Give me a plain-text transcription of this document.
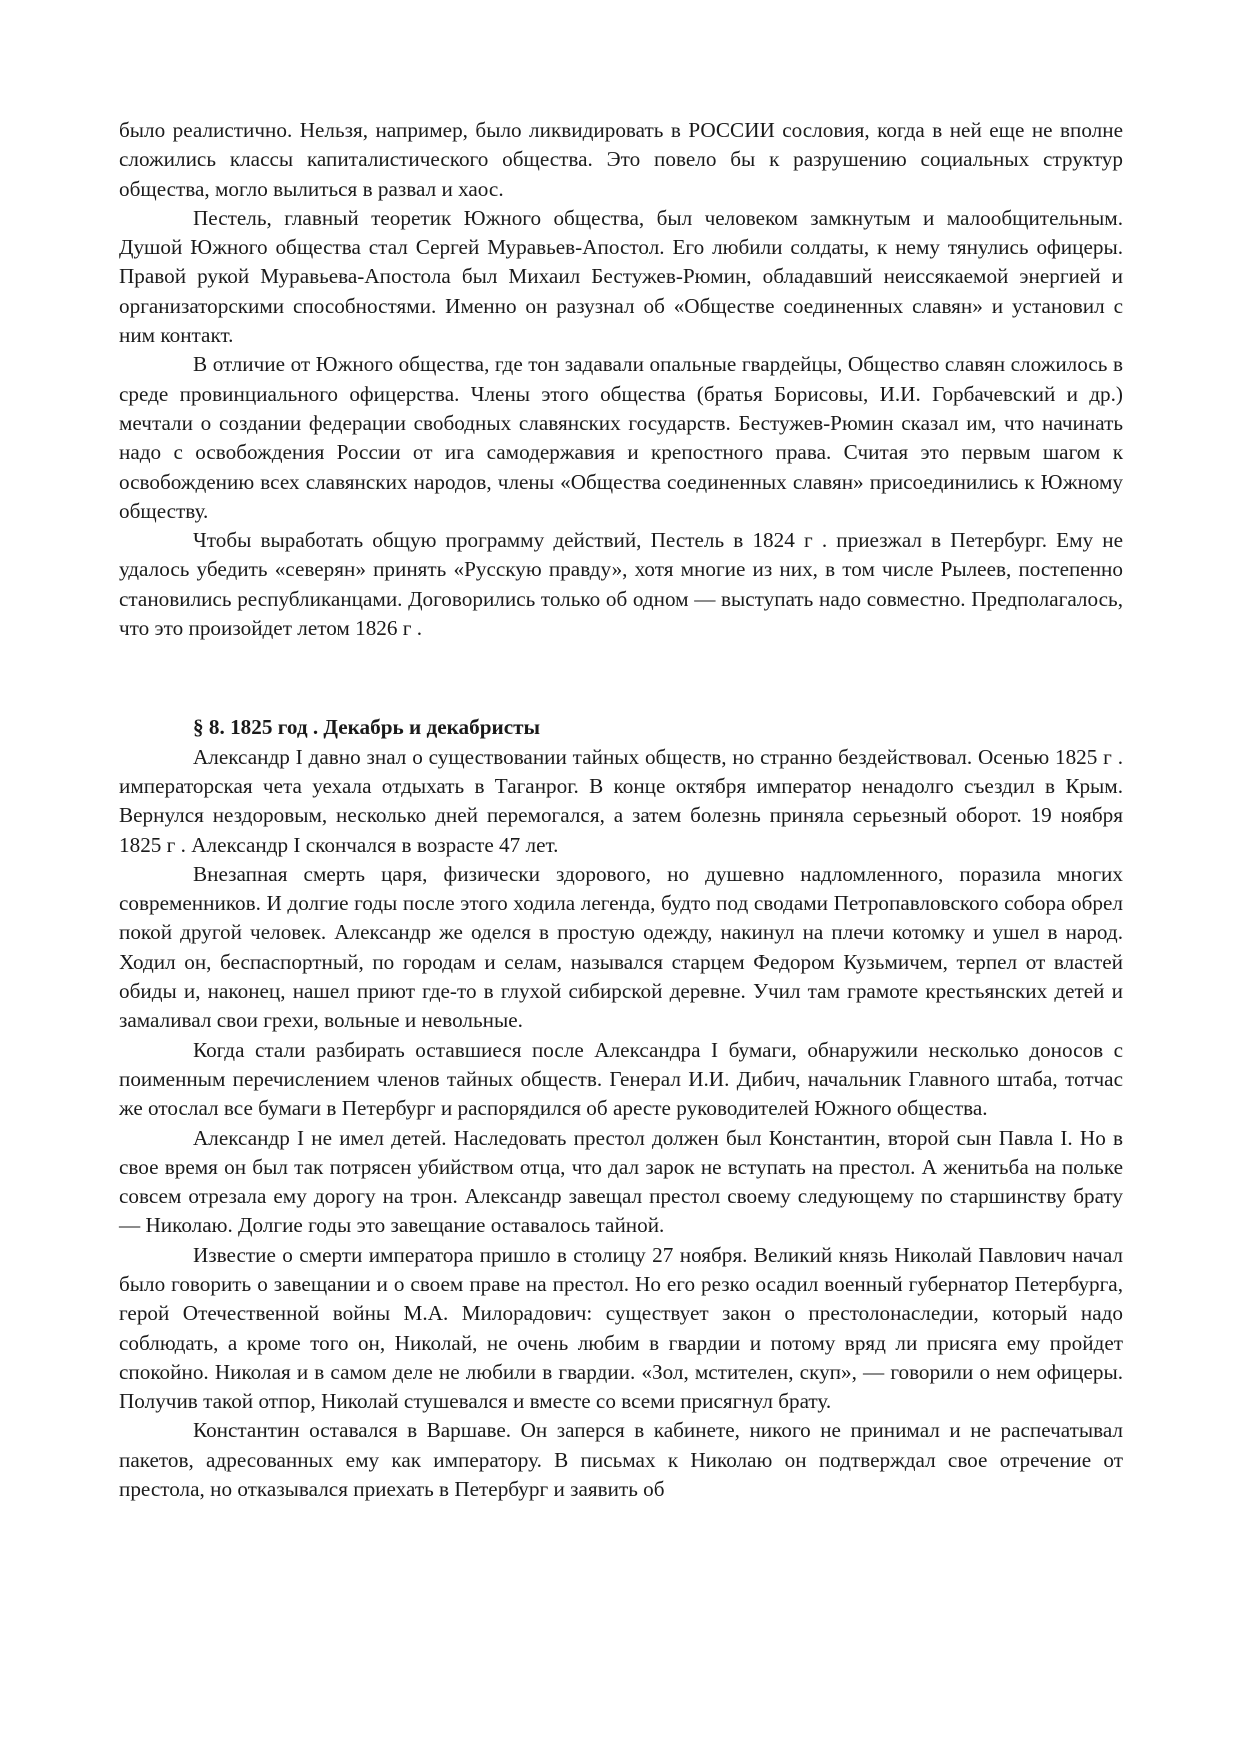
было реалистично. Нельзя, например, было ликвидировать в РОССИИ сословия, когда в ней еще не вполне сложились классы капиталистического общества. Это повело бы к разрушению социальных структур общества, могло вылиться в развал и хаос.

Пестель, главный теоретик Южного общества, был человеком замкнутым и малообщительным. Душой Южного общества стал Сергей Муравьев-Апостол. Его любили солдаты, к нему тянулись офицеры. Правой рукой Муравьева-Апостола был Михаил Бестужев-Рюмин, обладавший неиссякаемой энергией и организаторскими способностями. Именно он разузнал об «Обществе соединенных славян» и установил с ним контакт.

В отличие от Южного общества, где тон задавали опальные гвардейцы, Общество славян сложилось в среде провинциального офицерства. Члены этого общества (братья Борисовы, И.И. Горбачевский и др.) мечтали о создании федерации свободных славянских государств. Бестужев-Рюмин сказал им, что начинать надо с освобождения России от ига самодержавия и крепостного права. Считая это первым шагом к освобождению всех славянских народов, члены «Общества соединенных славян» присоединились к Южному обществу.

Чтобы выработать общую программу действий, Пестель в 1824 г . приезжал в Петербург. Ему не удалось убедить «северян» принять «Русскую правду», хотя многие из них, в том числе Рылеев, постепенно становились республиканцами. Договорились только об одном — выступать надо совместно. Предполагалось, что это произойдет летом 1826 г .

§ 8. 1825 год . Декабрь и декабристы

Александр I давно знал о существовании тайных обществ, но странно бездействовал. Осенью 1825 г . императорская чета уехала отдыхать в Таганрог. В конце октября император ненадолго съездил в Крым. Вернулся нездоровым, несколько дней перемогался, а затем болезнь приняла серьезный оборот. 19 ноября 1825 г . Александр I скончался в возрасте 47 лет.

Внезапная смерть царя, физически здорового, но душевно надломленного, поразила многих современников. И долгие годы после этого ходила легенда, будто под сводами Петропавловского собора обрел покой другой человек. Александр же оделся в простую одежду, накинул на плечи котомку и ушел в народ. Ходил он, беспаспортный, по городам и селам, назывался старцем Федором Кузьмичем, терпел от властей обиды и, наконец, нашел приют где-то в глухой сибирской деревне. Учил там грамоте крестьянских детей и замаливал свои грехи, вольные и невольные.

Когда стали разбирать оставшиеся после Александра I бумаги, обнаружили несколько доносов с поименным перечислением членов тайных обществ. Генерал И.И. Дибич, начальник Главного штаба, тотчас же отослал все бумаги в Петербург и распорядился об аресте руководителей Южного общества.

Александр I не имел детей. Наследовать престол должен был Константин, второй сын Павла I. Но в свое время он был так потрясен убийством отца, что дал зарок не вступать на престол. А женитьба на польке совсем отрезала ему дорогу на трон. Александр завещал престол своему следующему по старшинству брату — Николаю. Долгие годы это завещание оставалось тайной.

Известие о смерти императора пришло в столицу 27 ноября. Великий князь Николай Павлович начал было говорить о завещании и о своем праве на престол. Но его резко осадил военный губернатор Петербурга, герой Отечественной войны М.А. Милорадович: существует закон о престолонаследии, который надо соблюдать, а кроме того он, Николай, не очень любим в гвардии и потому вряд ли присяга ему пройдет спокойно. Николая и в самом деле не любили в гвардии. «Зол, мстителен, скуп», — говорили о нем офицеры. Получив такой отпор, Николай стушевался и вместе со всеми присягнул брату.

Константин оставался в Варшаве. Он заперся в кабинете, никого не принимал и не распечатывал пакетов, адресованных ему как императору. В письмах к Николаю он подтверждал свое отречение от престола, но отказывался приехать в Петербург и заявить об
